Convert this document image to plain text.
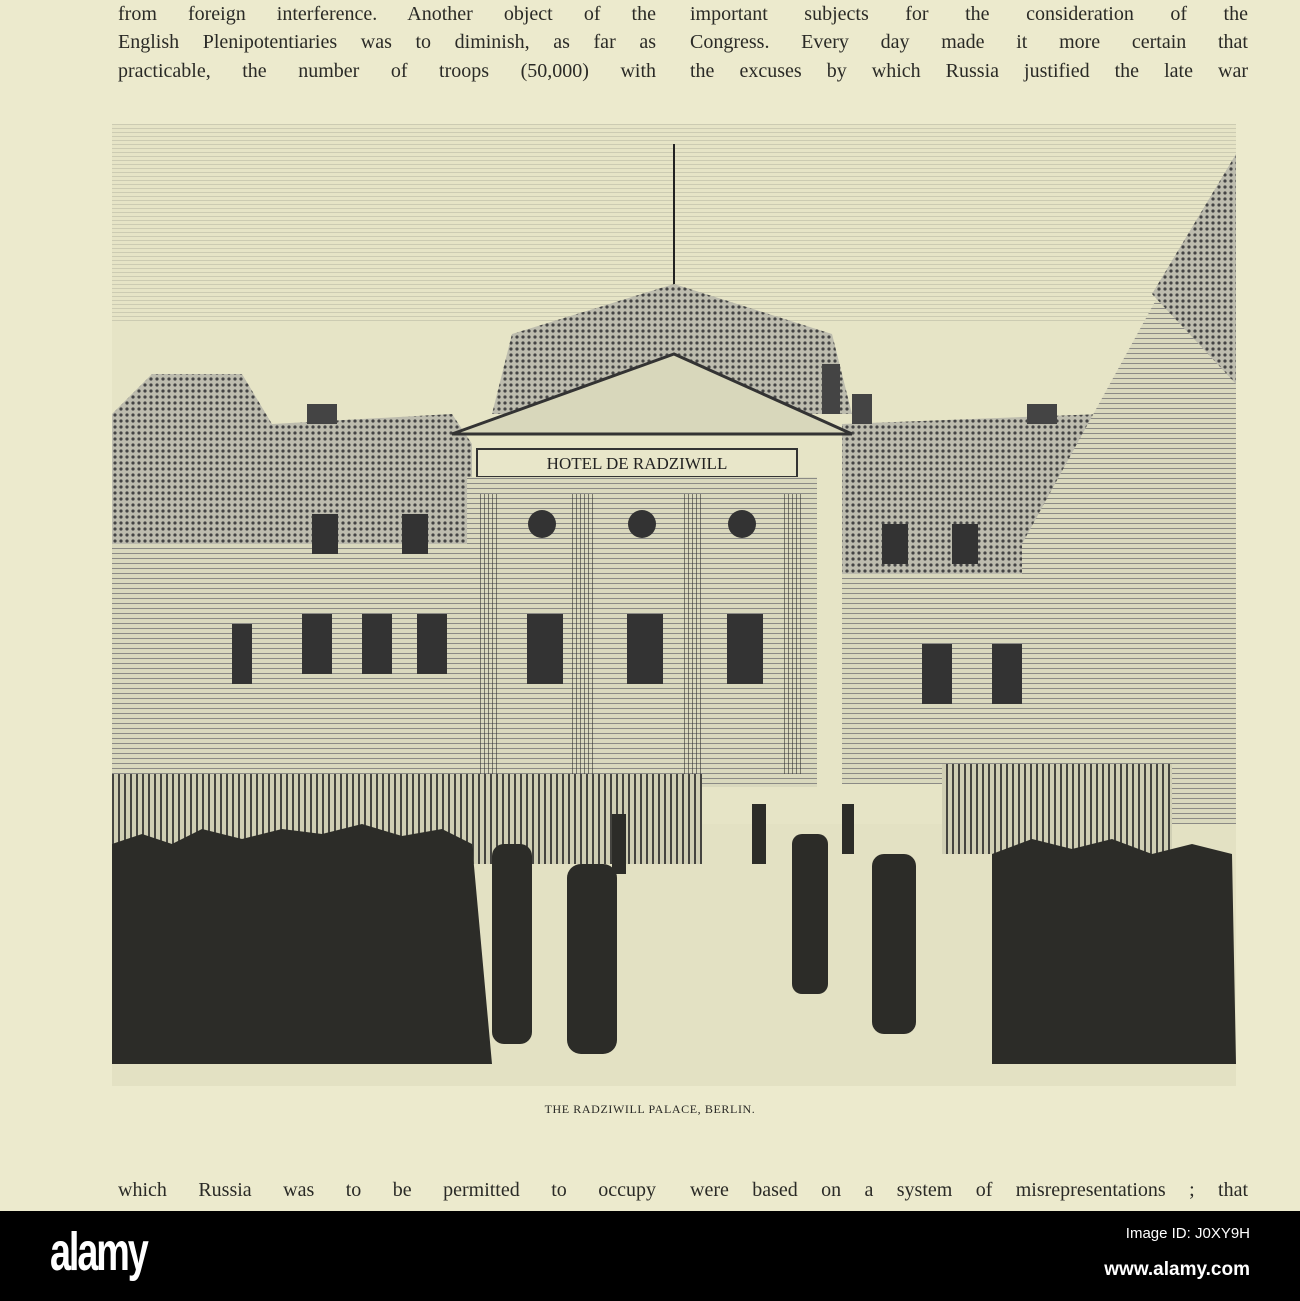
from foreign interference. Another object of the
English Plenipotentiaries was to diminish, as far as
practicable, the number of troops (50,000) with
important subjects for the consideration of the
Congress. Every day made it more certain that
the excuses by which Russia justified the late war
HOTEL DE RADZIWILL
THE RADZIWILL PALACE, BERLIN.
which Russia was to be permitted to occupy were based on a system of misrepresentations ; that
alamy	Image ID: J0XY9H
www.alamy.com
